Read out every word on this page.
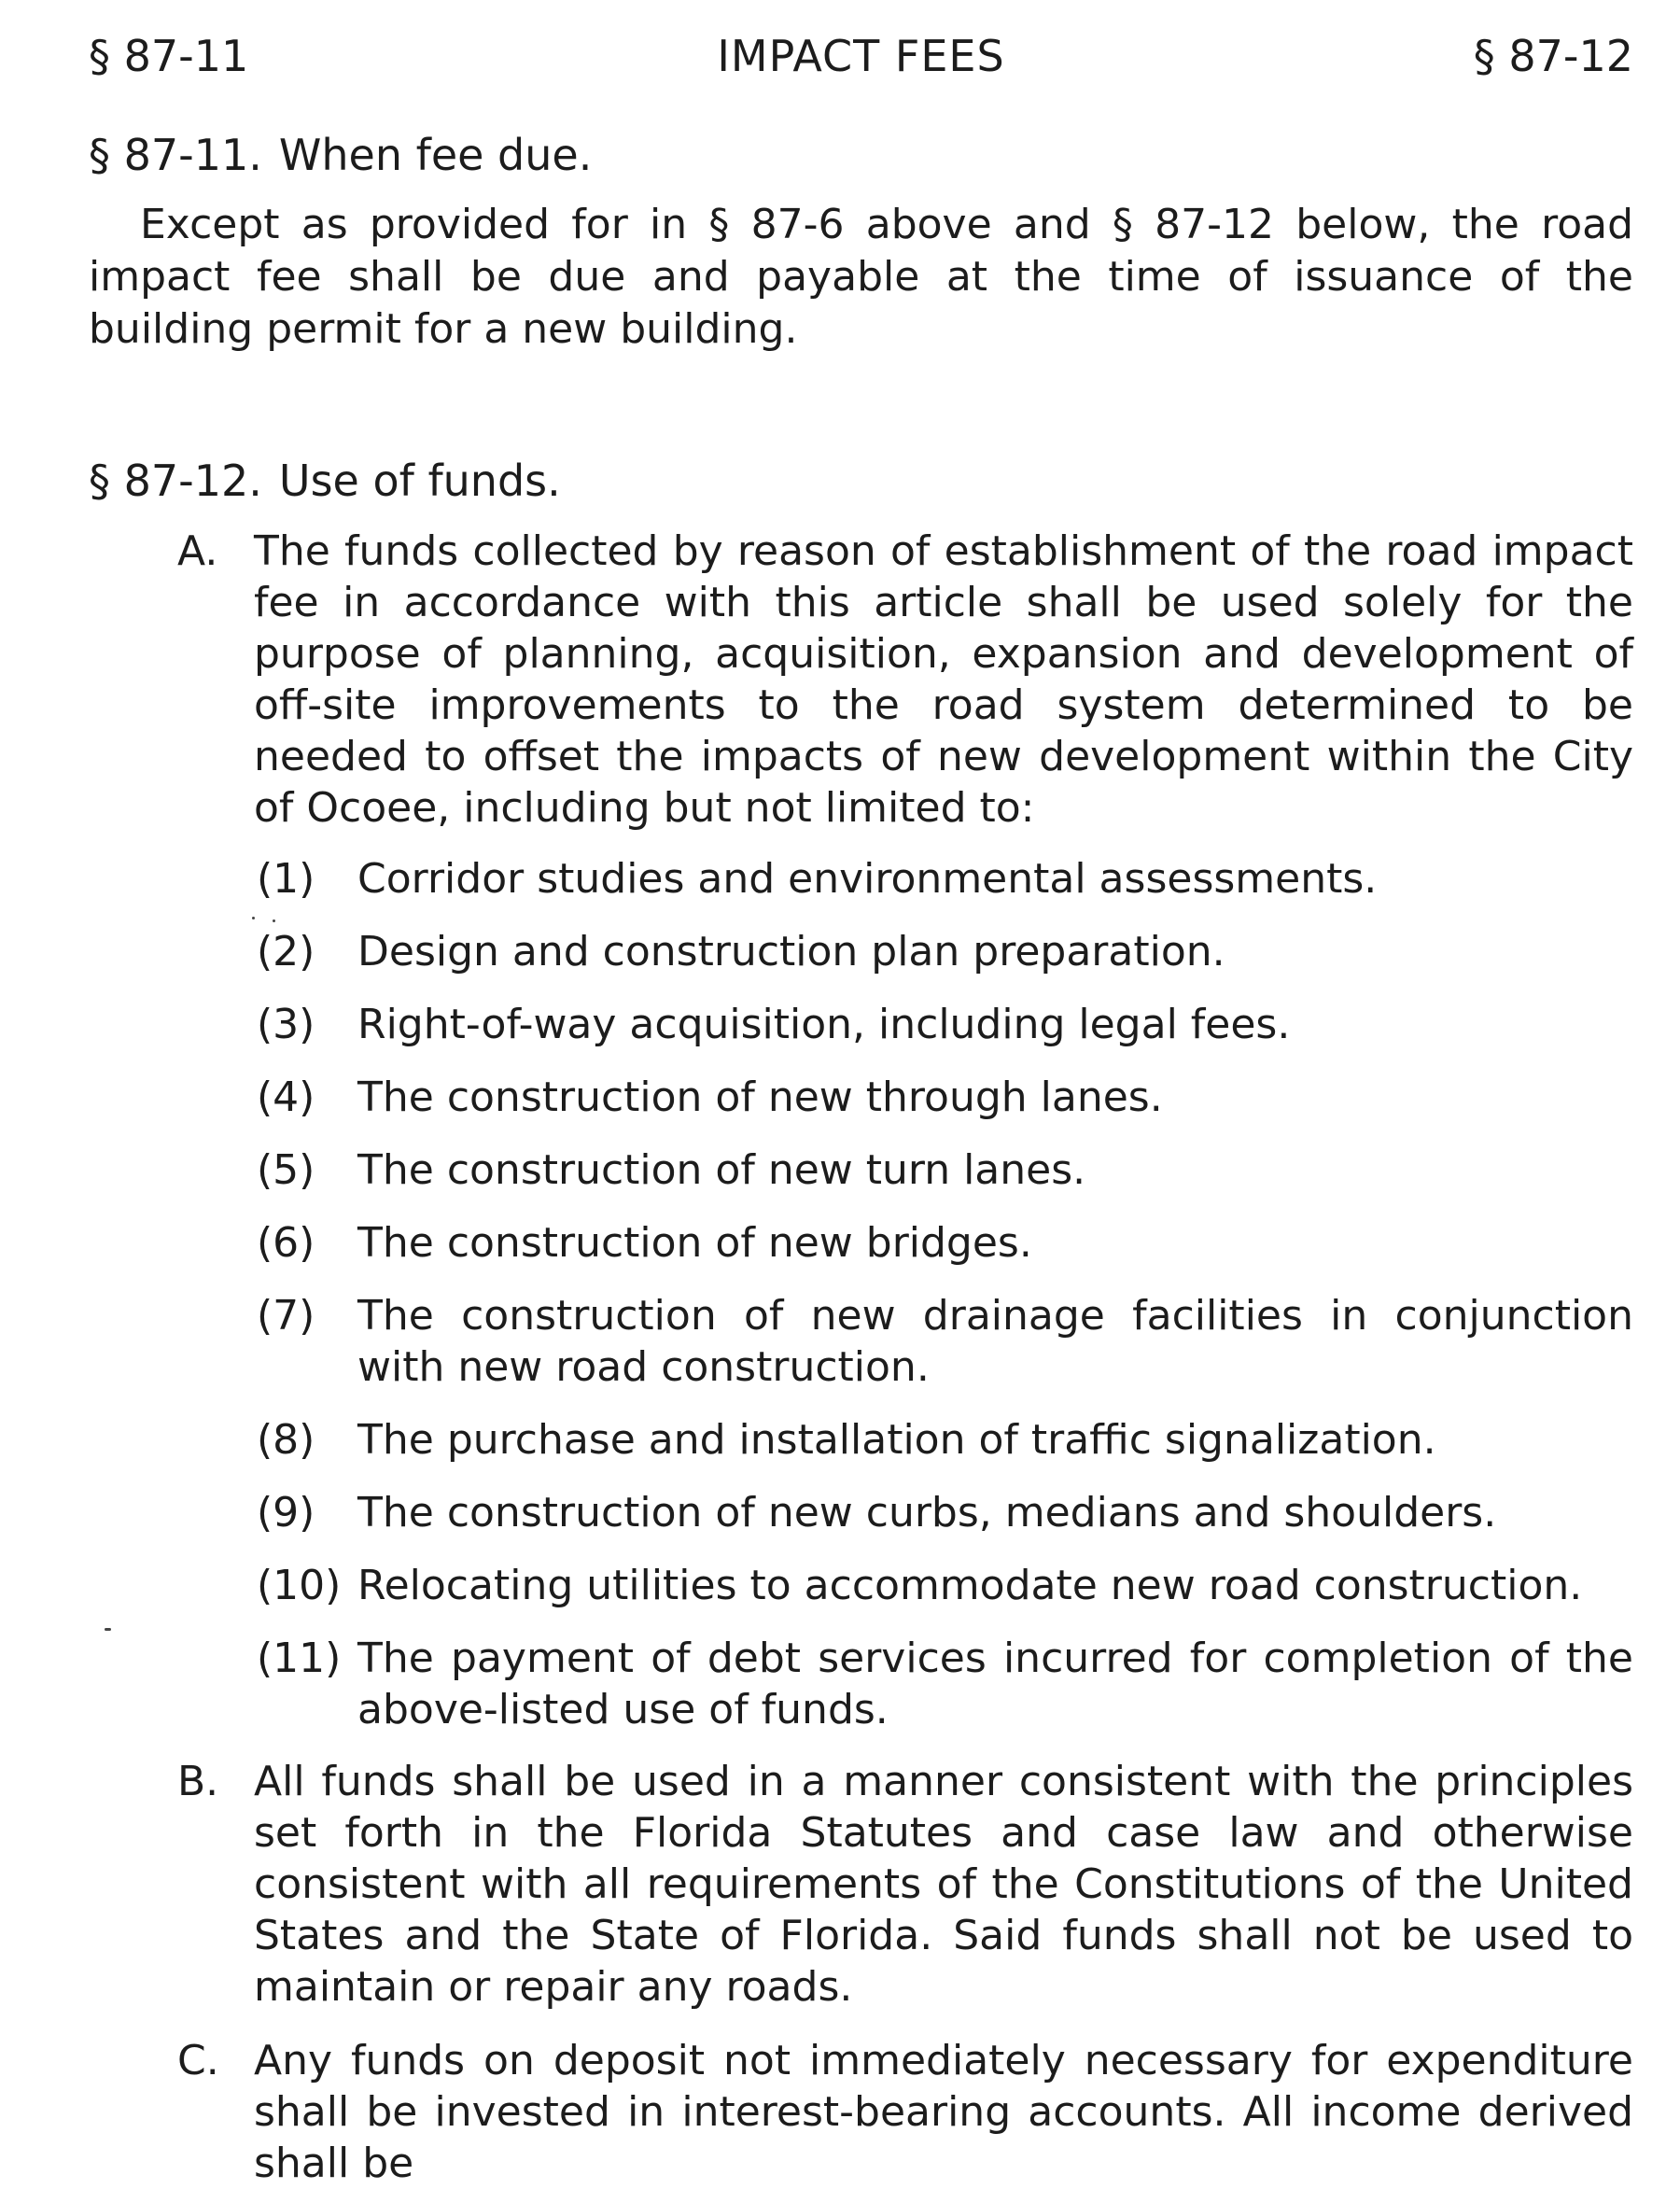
§ 87-11	IMPACT FEES	§ 87-12
§ 87-11. When fee due.
Except as provided for in § 87-6 above and § 87-12 below, the road impact fee shall be due and payable at the time of issuance of the building permit for a new building.
§ 87-12. Use of funds.
A. The funds collected by reason of establishment of the road impact fee in accordance with this article shall be used solely for the purpose of planning, acquisition, expansion and development of off-site improvements to the road system determined to be needed to offset the impacts of new development within the City of Ocoee, including but not limited to:
(1) Corridor studies and environmental assessments.
(2) Design and construction plan preparation.
(3) Right-of-way acquisition, including legal fees.
(4) The construction of new through lanes.
(5) The construction of new turn lanes.
(6) The construction of new bridges.
(7) The construction of new drainage facilities in conjunction with new road construction.
(8) The purchase and installation of traffic signalization.
(9) The construction of new curbs, medians and shoulders.
(10) Relocating utilities to accommodate new road construction.
(11) The payment of debt services incurred for completion of the above-listed use of funds.
B. All funds shall be used in a manner consistent with the principles set forth in the Florida Statutes and case law and otherwise consistent with all requirements of the Constitutions of the United States and the State of Florida. Said funds shall not be used to maintain or repair any roads.
C. Any funds on deposit not immediately necessary for expenditure shall be invested in interest-bearing accounts. All income derived shall be
